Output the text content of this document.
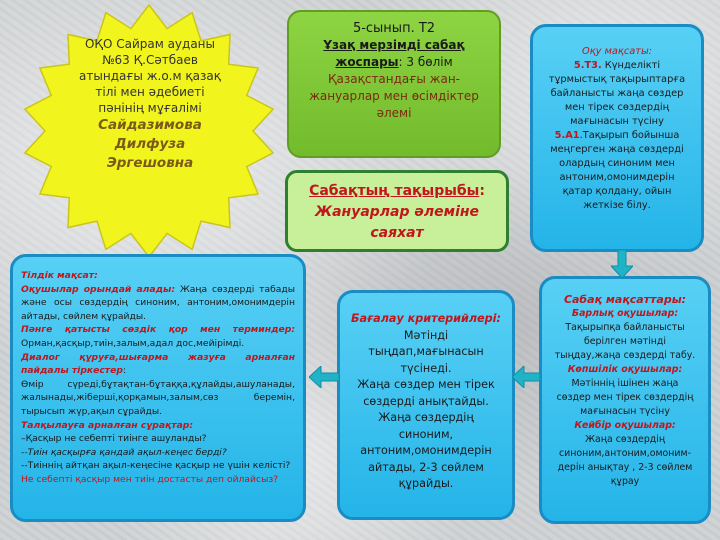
ОҚО Сайрам ауданы
№63 Қ.Сәтбаев
атындағы ж.о.м қазақ
тілі мен әдебиеті
пәнінің мұғалімі
Сайдазимова
Дилфуза
Эргешовна
5-сынып. Т2
Ұзақ мерзімді сабақ
жоспары: 3 бөлім
Қазақстандағы жан-
жануарлар мен өсімдіктер
әлемі
Сабақтың тақырыбы:
Жануарлар әлеміне
саяхат
Оқу мақсаты:
5.Т3. Күнделікті
тұрмыстық тақырыптарға
байланысты жаңа сөздер
мен тірек сөздердің
мағынасын түсіну
5.А1.Тақырып бойынша
меңгерген жаңа сөздерді
олардың синоним мен
антоним,омонимдерін
қатар қолдану, ойын
жеткізе білу.

Тілдік мақсат:

Оқушылар орындай алады: Жаңа сөздерді табады және осы сөздердің синоним, антоним,омонимдерін айтады, сөйлем құрайды.

Пәнге қатысты сөздік қор мен терминдер: Орман,қасқыр,тиін,залым,адал дос,мейірімді.

Диалог құруға,шығарма жазуға арналған пайдалы тіркестер:

Өмір сүреді,бұтақтан-бұтаққа,құлайды,ашуланады, жалынады,жіберші,қорқамын,залым,сөз беремін, тырысып жүр,ақыл сұрайды.

Талқылауға арналған сұрақтар:

–Қасқыр не себепті тиінге ашуланды?

--Тиін қасқырға қандай ақыл-кеңес берді?

--Тиіннің айтқан ақыл-кеңесіне қасқыр не үшін келісті?

Не себепті қасқыр мен тиін достасты деп ойлайсыз?

Бағалау критерийлері:
Мәтінді
тыңдап,мағынасын
түсінеді.
Жаңа сөздер мен тірек
сөздерді анықтайды.
Жаңа сөздердің
синоним,
антоним,омонимдерін
айтады, 2-3 сөйлем
құрайды.
Сабақ мақсаттары:
Барлық оқушылар:
Тақырыпқа байланысты
берілген мәтінді
тыңдау,жаңа сөздерді табу.
Көпшілік оқушылар:
Мәтіннің ішінен жаңа
сөздер мен тірек сөздердің
мағынасын түсіну
Кейбір оқушылар:
Жаңа сөздердің
синоним,антоним,омоним-
дерін анықтау , 2-3 сөйлем
құрау
